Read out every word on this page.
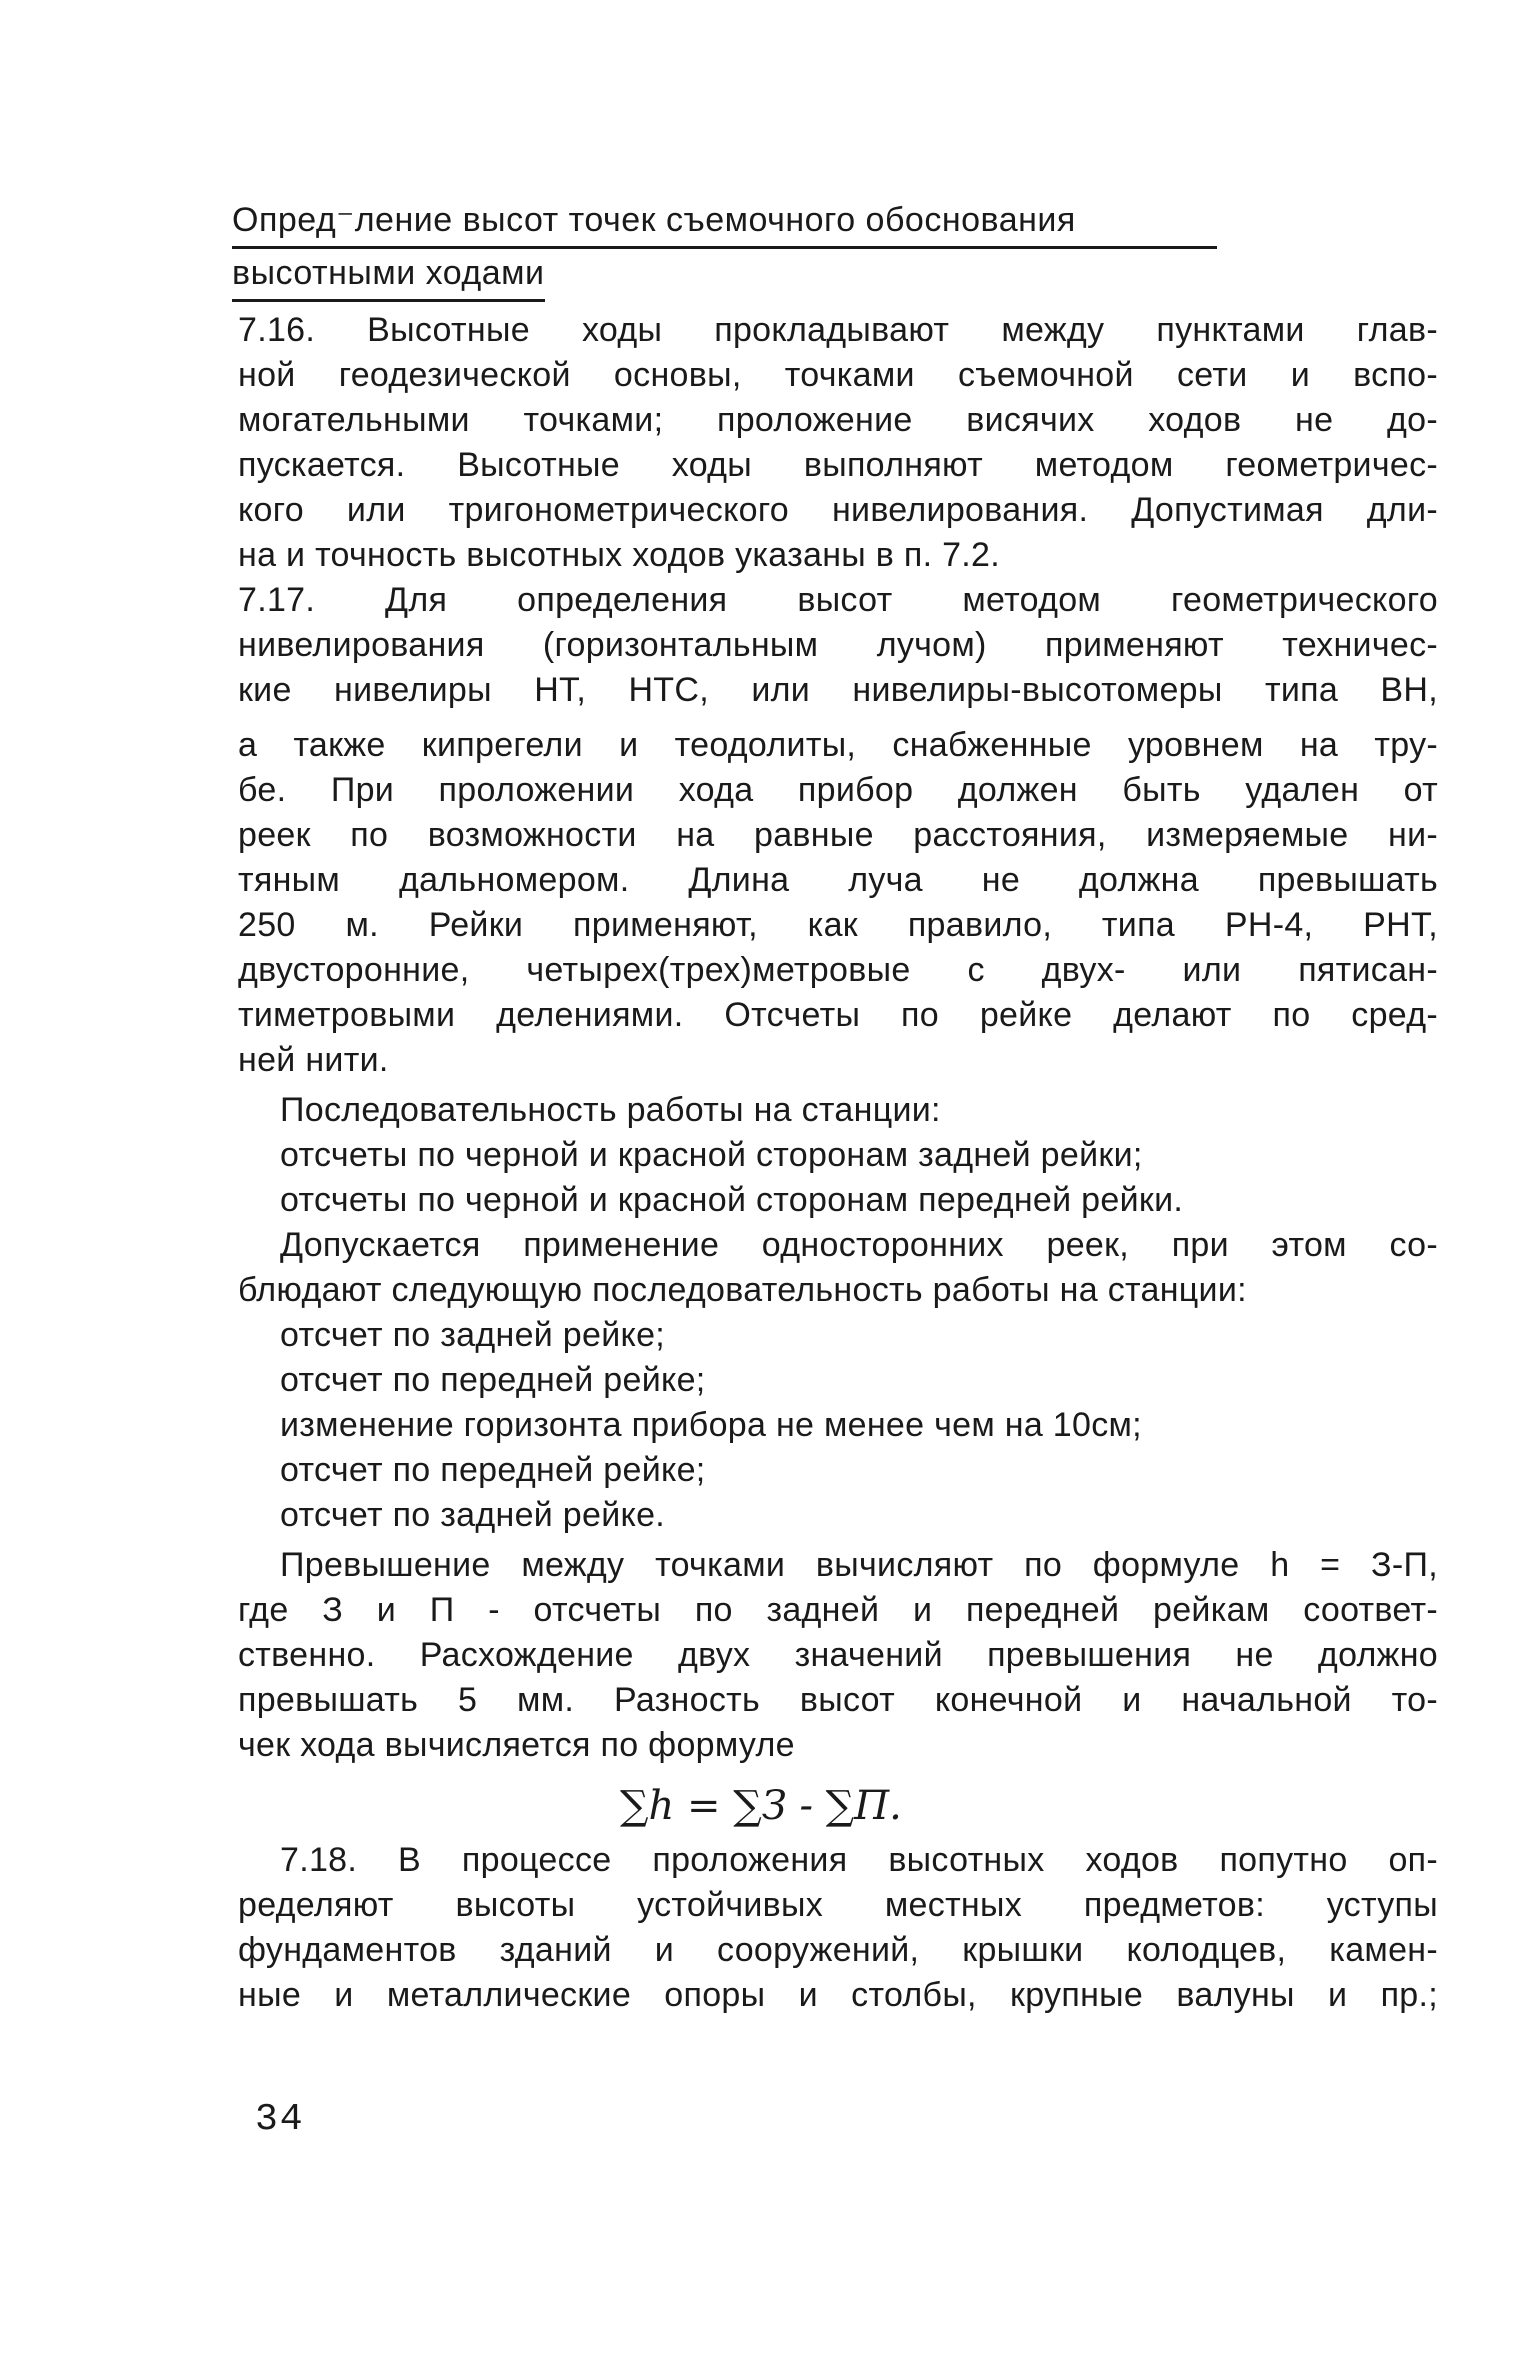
Опред⁻ление высот точек съемочного обоснования
высотными ходами
7.16. Высотные ходы прокладывают между пунктами глав-
ной геодезической основы, точками съемочной сети и вспо-
могательными точками; проложение висячих ходов не до-
пускается. Высотные ходы выполняют методом геометричес-
кого или тригонометрического нивелирования. Допустимая дли-
на и точность высотных ходов указаны в п. 7.2.
7.17. Для определения высот методом геометрического
нивелирования (горизонтальным лучом) применяют техничес-
кие нивелиры НТ, НТС, или нивелиры-высотомеры типа ВН,
а также кипрегели и теодолиты, снабженные уровнем на тру-
бе. При проложении хода прибор должен быть удален от
реек по возможности на равные расстояния, измеряемые ни-
тяным дальномером. Длина луча не должна превышать
250 м. Рейки применяют, как правило, типа РН-4, РНТ,
двусторонние, четырех(трех)метровые с двух- или пятисан-
тиметровыми делениями. Отсчеты по рейке делают по сред-
ней нити.
Последовательность работы на станции:
отсчеты по черной и красной сторонам задней рейки;
отсчеты по черной и красной сторонам передней рейки.
Допускается применение односторонних реек, при этом со-
блюдают следующую последовательность работы на станции:
отсчет по задней рейке;
отсчет по передней рейке;
изменение горизонта прибора не менее чем на 10см;
отсчет по передней рейке;
отсчет по задней рейке.
Превышение между точками вычисляют по формуле h = З-П,
где З и П - отсчеты по задней и передней рейкам соответ-
ственно. Расхождение двух значений превышения не должно
превышать 5 мм. Разность высот конечной и начальной то-
чек хода вычисляется по формуле
∑h = ∑З - ∑П.
7.18. В процессе проложения высотных ходов попутно оп-
ределяют высоты устойчивых местных предметов: уступы
фундаментов зданий и сооружений, крышки колодцев, камен-
ные и металлические опоры и столбы, крупные валуны и пр.;
34
